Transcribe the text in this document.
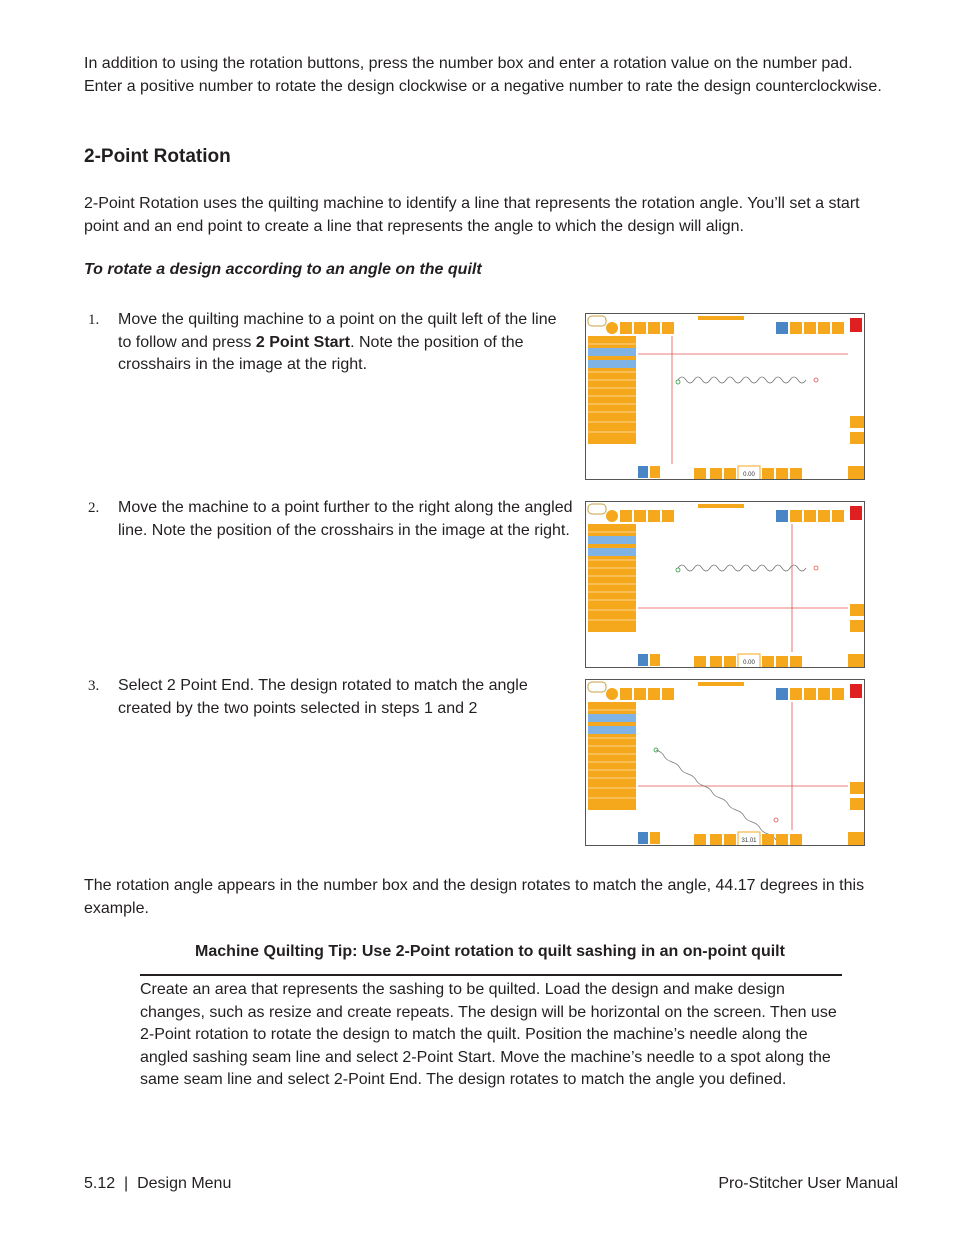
In addition to using the rotation buttons, press the number box and enter a rotation value on the number pad. Enter a positive number to rotate the design clockwise or a negative number to rate the design counterclockwise.

2-Point Rotation

2-Point Rotation uses the quilting machine to identify a line that represents the rotation angle. You’ll set a start point and an end point to create a line that represents the angle to which the design will align.

To rotate a design according to an angle on the quilt

1.	Move the quilting machine to a point on the quilt left of the line to follow and press 2 Point Start. Note the position of the crosshairs in the image at the right.
2.	Move the machine to a point further to the right along the angled line. Note the position of the crosshairs in the image at the right.
3.	Select 2 Point End. The design rotated to match the angle created by the two points selected in steps 1 and 2
0.00
0.00
31.01

The rotation angle appears in the number box and the design rotates to match the angle, 44.17 degrees in this example.

Machine Quilting Tip: Use 2-Point rotation to quilt sashing in an on-point quilt
Create an area that represents the sashing to be quilted. Load the design and make design changes, such as resize and create repeats. The design will be horizontal on the screen. Then use 2-Point rotation to rotate the design to match the quilt. Position the machine’s needle along the angled sashing seam line and select 2-Point Start. Move the machine’s needle to a spot along the same seam line and select 2-Point End. The design rotates to match the angle you defined.
5.12  |  Design Menu	Pro-Stitcher User Manual
